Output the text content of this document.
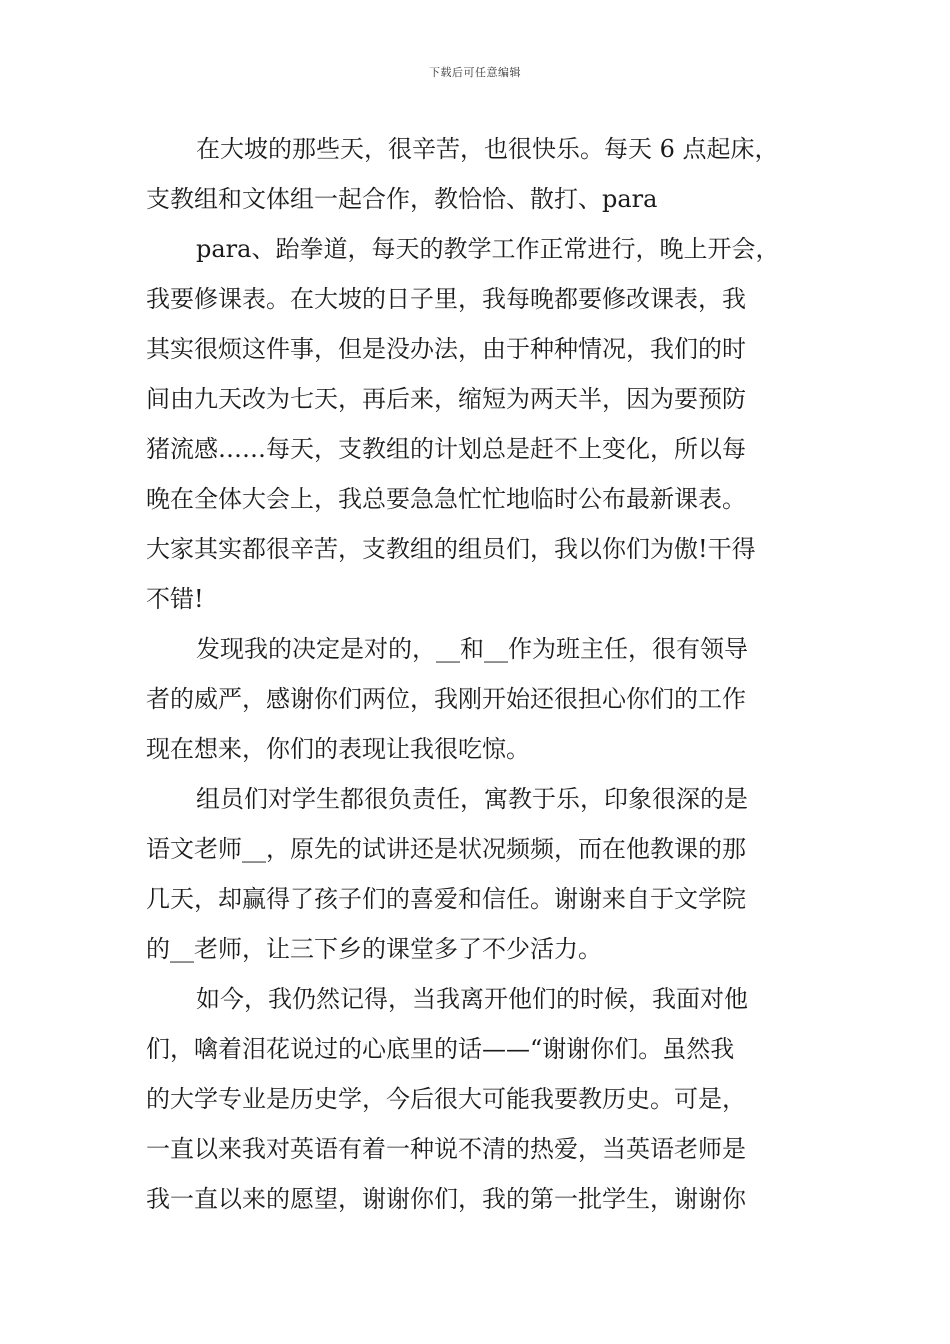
下载后可任意编辑
在大坡的那些天，很辛苦，也很快乐。每天 6 点起床，
支教组和文体组一起合作，教恰恰、散打、para
para、跆拳道，每天的教学工作正常进行，晚上开会，
我要修课表。在大坡的日子里，我每晚都要修改课表，我
其实很烦这件事，但是没办法，由于种种情况，我们的时
间由九天改为七天，再后来，缩短为两天半，因为要预防
猪流感……每天，支教组的计划总是赶不上变化，所以每
晚在全体大会上，我总要急急忙忙地临时公布最新课表。
大家其实都很辛苦，支教组的组员们，我以你们为傲!干得
不错!
发现我的决定是对的，__和__作为班主任，很有领导
者的威严，感谢你们两位，我刚开始还很担心你们的工作
现在想来，你们的表现让我很吃惊。
组员们对学生都很负责任，寓教于乐，印象很深的是
语文老师__，原先的试讲还是状况频频，而在他教课的那
几天，却赢得了孩子们的喜爱和信任。谢谢来自于文学院
的__老师，让三下乡的课堂多了不少活力。
如今，我仍然记得，当我离开他们的时候，我面对他
们，噙着泪花说过的心底里的话——“谢谢你们。虽然我
的大学专业是历史学，今后很大可能我要教历史。可是，
一直以来我对英语有着一种说不清的热爱，当英语老师是
我一直以来的愿望，谢谢你们，我的第一批学生，谢谢你
